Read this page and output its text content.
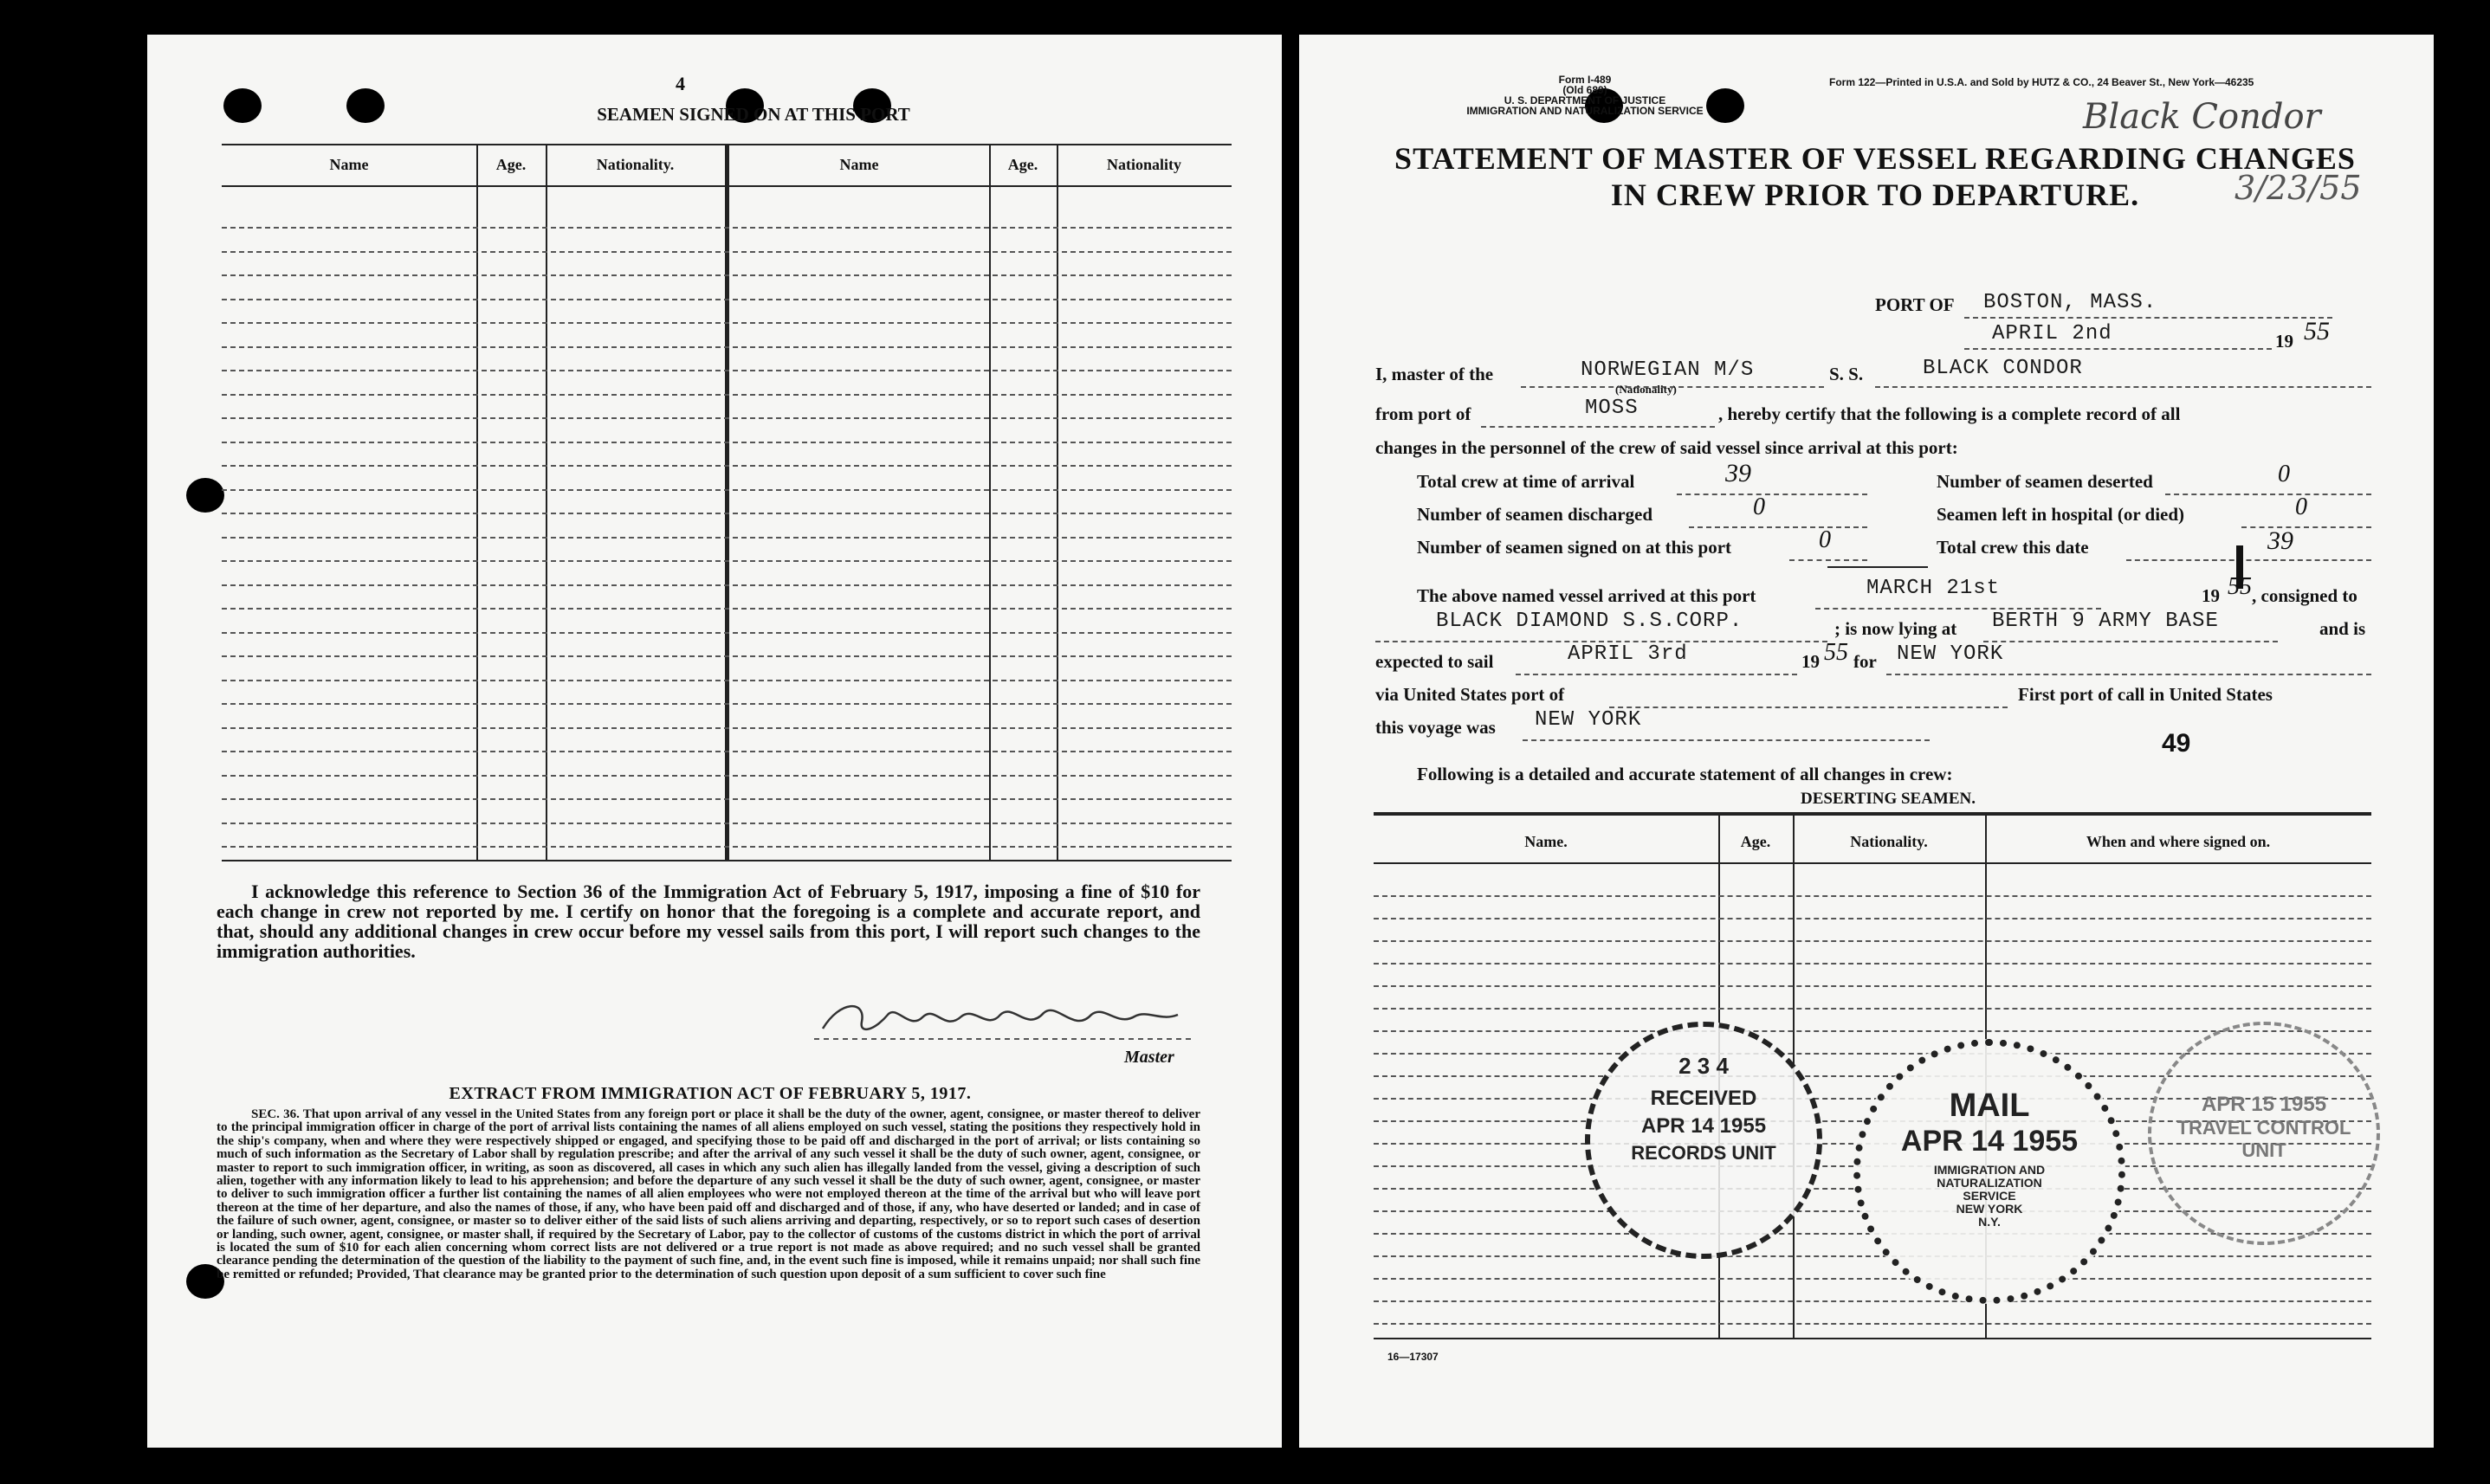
4
SEAMEN SIGNED ON AT THIS PORT
Name	Age.	Nationality.	Name	Age.	Nationality
I acknowledge this reference to Section 36 of the Immigration Act of February 5, 1917, imposing a fine of $10 for each change in crew not reported by me. I certify on honor that the foregoing is a complete and accurate report, and that, should any additional changes in crew occur before my vessel sails from this port, I will report such changes to the immigration authorities.
Master
EXTRACT FROM IMMIGRATION ACT OF FEBRUARY 5, 1917.
SEC. 36. That upon arrival of any vessel in the United States from any foreign port or place it shall be the duty of the owner, agent, consignee, or master thereof to deliver to the principal immigration officer in charge of the port of arrival lists containing the names of all aliens employed on such vessel, stating the positions they respectively hold in the ship's company, when and where they were respectively shipped or engaged, and specifying those to be paid off and discharged in the port of arrival; or lists containing so much of such information as the Secretary of Labor shall by regulation prescribe; and after the arrival of any such vessel it shall be the duty of such owner, agent, consignee, or master to report to such immigration officer, in writing, as soon as discovered, all cases in which any such alien has illegally landed from the vessel, giving a description of such alien, together with any information likely to lead to his apprehension; and before the departure of any such vessel it shall be the duty of such owner, agent, consignee, or master to deliver to such immigration officer a further list containing the names of all alien employees who were not employed thereon at the time of the arrival but who will leave port thereon at the time of her departure, and also the names of those, if any, who have been paid off and discharged and of those, if any, who have deserted or landed; and in case of the failure of such owner, agent, consignee, or master so to deliver either of the said lists of such aliens arriving and departing, respectively, or so to report such cases of desertion or landing, such owner, agent, consignee, or master shall, if required by the Secretary of Labor, pay to the collector of customs of the customs district in which the port of arrival is located the sum of $10 for each alien concerning whom correct lists are not delivered or a true report is not made as above required; and no such vessel shall be granted clearance pending the determination of the question of the liability to the payment of such fine, and, in the event such fine is imposed, while it remains unpaid; nor shall such fine be remitted or refunded; Provided, That clearance may be granted prior to the determination of such question upon deposit of a sum sufficient to cover such fine
Form I-489
(Old 689)
U. S. DEPARTMENT OF JUSTICE
IMMIGRATION AND NATURALIZATION SERVICE
Form 122—Printed in U.S.A. and Sold by HUTZ & CO., 24 Beaver St., New York—46235
Black Condor
3/23/55
STATEMENT OF MASTER OF VESSEL REGARDING CHANGES
IN CREW PRIOR TO DEPARTURE.
PORT OF BOSTON, MASS.
APRIL 2nd	19 55
I, master of the	NORWEGIAN M/S
(Nationality)
S. S.	BLACK CONDOR
from port of	MOSS	, hereby certify that the following is a complete record of all
changes in the personnel of the crew of said vessel since arrival at this port:
Total crew at time of arrival	39	Number of seamen deserted	0
Number of seamen discharged	0	Seamen left in hospital (or died)	0
Number of seamen signed on at this port	0	Total crew this date	39
The above named vessel arrived at this port	MARCH 21st	19 55 , consigned to
BLACK DIAMOND S.S.CORP.	; is now lying at BERTH 9 ARMY BASE	and is
expected to sail	APRIL 3rd	19 55 for NEW YORK
via United States port of	First port of call in United States
this voyage was NEW YORK
49
Following is a detailed and accurate statement of all changes in crew:
DESERTING SEAMEN.
Name.	Age.	Nationality.	When and where signed on.
2 3 4
RECEIVED
APR 14 1955
RECORDS UNIT
MAIL
APR 14 1955
IMMIGRATION AND
NATURALIZATION
SERVICE
NEW YORK
N.Y.
APR 15 1955
TRAVEL CONTROL
UNIT
16—17307
